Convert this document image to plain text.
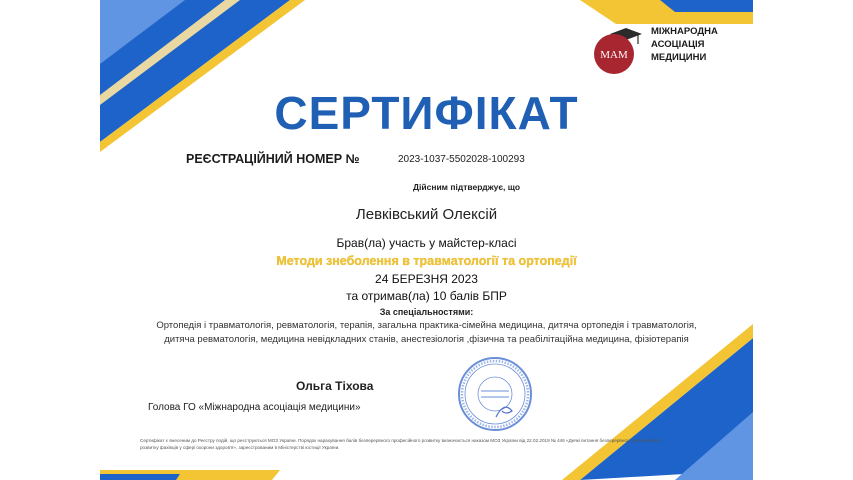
МАМ
МІЖНАРОДНА
АСОЦІАЦІЯ
МЕДИЦИНИ
СЕРТИФІКАТ
РЕЄСТРАЦІЙНИЙ НОМЕР №	2023-1037-5502028-100293
Дійсним підтверджує, що
Левківський Олексій
Брав(ла) участь у майстер-класі
Методи знеболення в травматології та ортопедії
24 БЕРЕЗНЯ 2023
та отримав(ла) 10 балів БПР
За спеціальностями:
Ортопедія і травматологія, ревматологія, терапія, загальна практика-сімейна медицина, дитяча ортопедія і травматологія,
дитяча ревматологія, медицина невідкладних станів, анестезіологія ,фізична та реабілітаційна медицина, фізіотерапія
Ольга Тіхова
Голова ГО «Міжнародна асоціація медицини»
Сертифікат є внесеним до Реєстру подій, що реєструються МОЗ України. Порядок нарахування балів безперервного професійного розвитку визначається наказом МОЗ України від 22.02.2019 № 446 «Деякі питання безперервного професійного розвитку фахівців у сфері охорони здоров'я», зареєстрованим в Міністерстві юстиції України.
